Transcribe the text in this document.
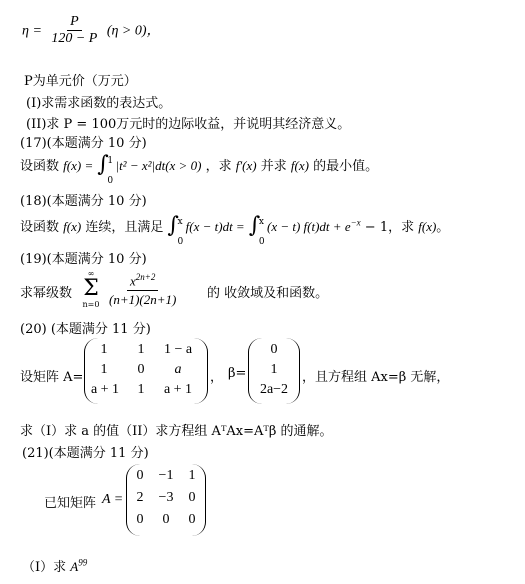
$\eta = \frac{P}{120 - P} (\eta > 0)$，
P为单元价（万元）
(I)求需求函数的表达式。
(II)求 P = 100万元时的边际收益，并说明其经济意义。
(17)(本题满分 10 分)
设函数 f(x) = ∫
1
0
|t² − x²|dt(x > 0) ，求 f′(x) 并求 f(x) 的最小值。
(18)(本题满分 10 分)
设函数 f(x) 连续，且满足 ∫
x
0
f(x − t)dt = ∫
x
0
(x − t) $f(t)dt + e^{-x} - 1$，求 f(x)。
(19)(本题满分 10 分)
求幂级数
∞
Σ
$n=0 \frac{x^{2n+2}}{(n+1)(2n+1)}$ 的 收敛域及和函数。
(20) (本题满分 11 分)
设矩阵 A=
1	1	1 − a
1	0	a
a + 1	1	a + 1
， β=
0
1
2a−2
，且方程组 Ax=β 无解，
求（I）求 a 的值（II）求方程组 AᵀAx=Aᵀβ 的通解。
(21)(本题满分 11 分)
已知矩阵 A =
0	−1	1
2	−3	0
0	0	0
（I）求 $A^{99}$
